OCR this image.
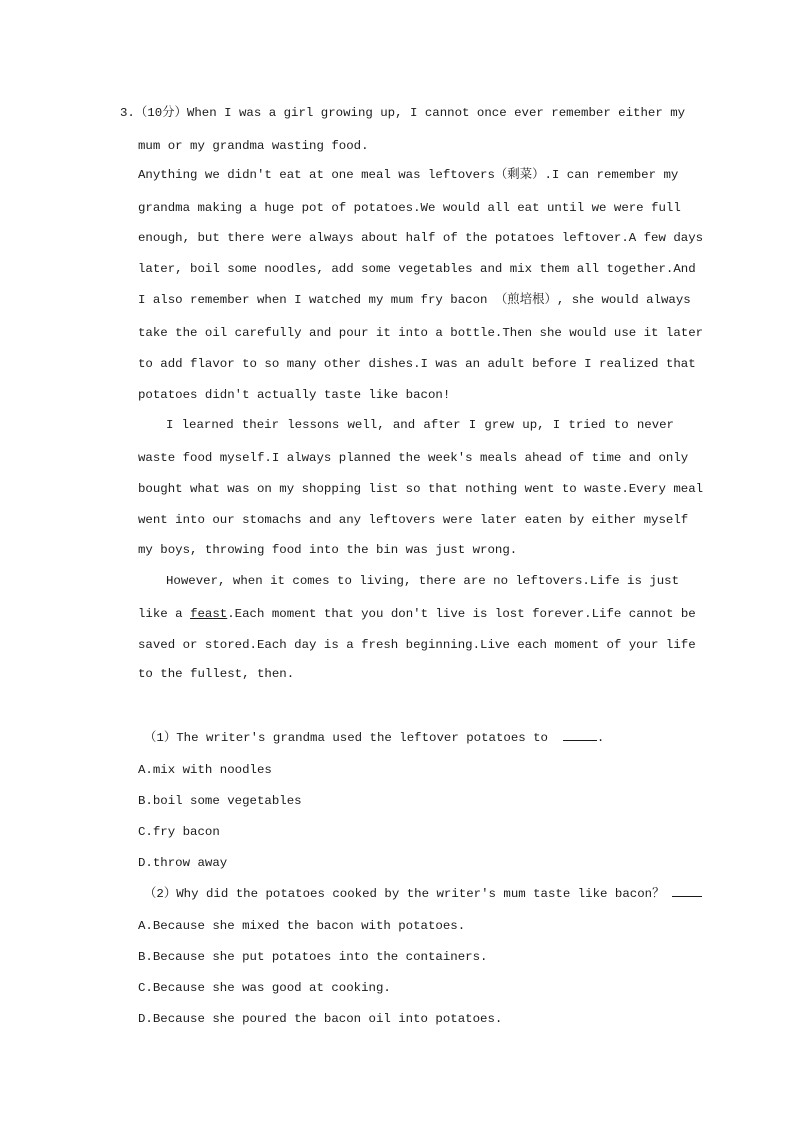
3.（10分）When I was a girl growing up, I cannot once ever remember either my
mum or my grandma wasting food.
Anything we didn't eat at one meal was leftovers（剩菜）.I can remember my
grandma making a huge pot of potatoes.We would all eat until we were full
enough, but there were always about half of the potatoes leftover.A few days
later, boil some noodles, add some vegetables and mix them all together.And
I also remember when I watched my mum fry bacon （煎培根）, she would always
take the oil carefully and pour it into a bottle.Then she would use it later
to add flavor to so many other dishes.I was an adult before I realized that
potatoes didn't actually taste like bacon!
I learned their lessons well, and after I grew up, I tried to never
waste food myself.I always planned the week's meals ahead of time and only
bought what was on my shopping list so that nothing went to waste.Every meal
went into our stomachs and any leftovers were later eaten by either myself
my boys, throwing food into the bin was just wrong.
However, when it comes to living, there are no leftovers.Life is just
like a feast.Each moment that you don't live is lost forever.Life cannot be
saved or stored.Each day is a fresh beginning.Live each moment of your life
to the fullest, then.
（1）The writer's grandma used the leftover potatoes to	.
A.mix with noodles
B.boil some vegetables
C.fry bacon
D.throw away
（2）Why did the potatoes cooked by the writer's mum taste like bacon？
A.Because she mixed the bacon with potatoes.
B.Because she put potatoes into the containers.
C.Because she was good at cooking.
D.Because she poured the bacon oil into potatoes.
